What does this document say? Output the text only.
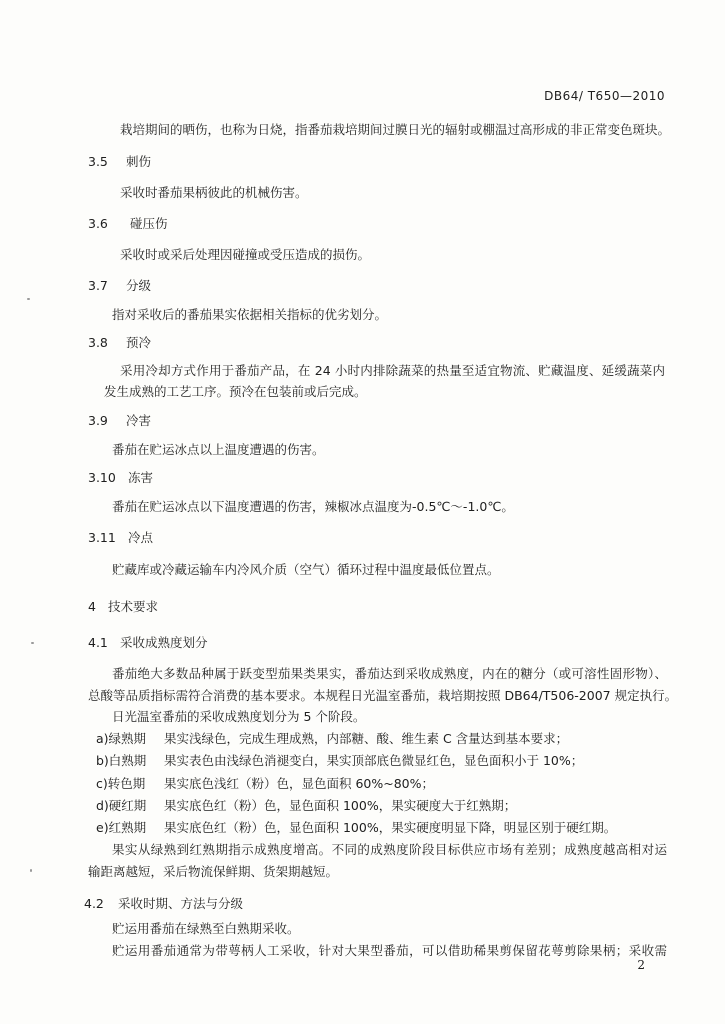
DB64/ T650—2010
栽培期间的晒伤，也称为日烧，指番茄栽培期间过膜日光的辐射或棚温过高形成的非正常变色斑块。
3.5 刺伤
采收时番茄果柄彼此的机械伤害。
3.6 碰压伤
采收时或采后处理因碰撞或受压造成的损伤。
3.7 分级
指对采收后的番茄果实依据相关指标的优劣划分。
3.8 预冷
采用冷却方式作用于番茄产品，在 24 小时内排除蔬菜的热量至适宜物流、贮藏温度、延缓蔬菜内
发生成熟的工艺工序。预冷在包装前或后完成。
3.9 冷害
番茄在贮运冰点以上温度遭遇的伤害。
3.10 冻害
番茄在贮运冰点以下温度遭遇的伤害，辣椒冰点温度为-0.5℃～-1.0℃。
3.11 冷点
贮藏库或冷藏运输车内冷风介质（空气）循环过程中温度最低位置点。
4 技术要求
4.1 采收成熟度划分
番茄绝大多数品种属于跃变型茄果类果实，番茄达到采收成熟度，内在的糖分（或可溶性固形物）、
总酸等品质指标需符合消费的基本要求。本规程日光温室番茄，栽培期按照 DB64/T506-2007 规定执行。
日光温室番茄的采收成熟度划分为 5 个阶段。
a)绿熟期 果实浅绿色，完成生理成熟，内部糖、酸、维生素 C 含量达到基本要求；
b)白熟期 果实表色由浅绿色消褪变白，果实顶部底色微显红色，显色面积小于 10%；
c)转色期 果实底色浅红（粉）色，显色面积 60%~80%；
d)硬红期 果实底色红（粉）色，显色面积 100%，果实硬度大于红熟期；
e)红熟期 果实底色红（粉）色，显色面积 100%，果实硬度明显下降，明显区别于硬红期。
果实从绿熟到红熟期指示成熟度增高。不同的成熟度阶段目标供应市场有差别；成熟度越高相对运
输距离越短，采后物流保鲜期、货架期越短。
4.2 采收时期、方法与分级
贮运用番茄在绿熟至白熟期采收。
贮运用番茄通常为带萼柄人工采收，针对大果型番茄，可以借助稀果剪保留花萼剪除果柄；采收需
2
